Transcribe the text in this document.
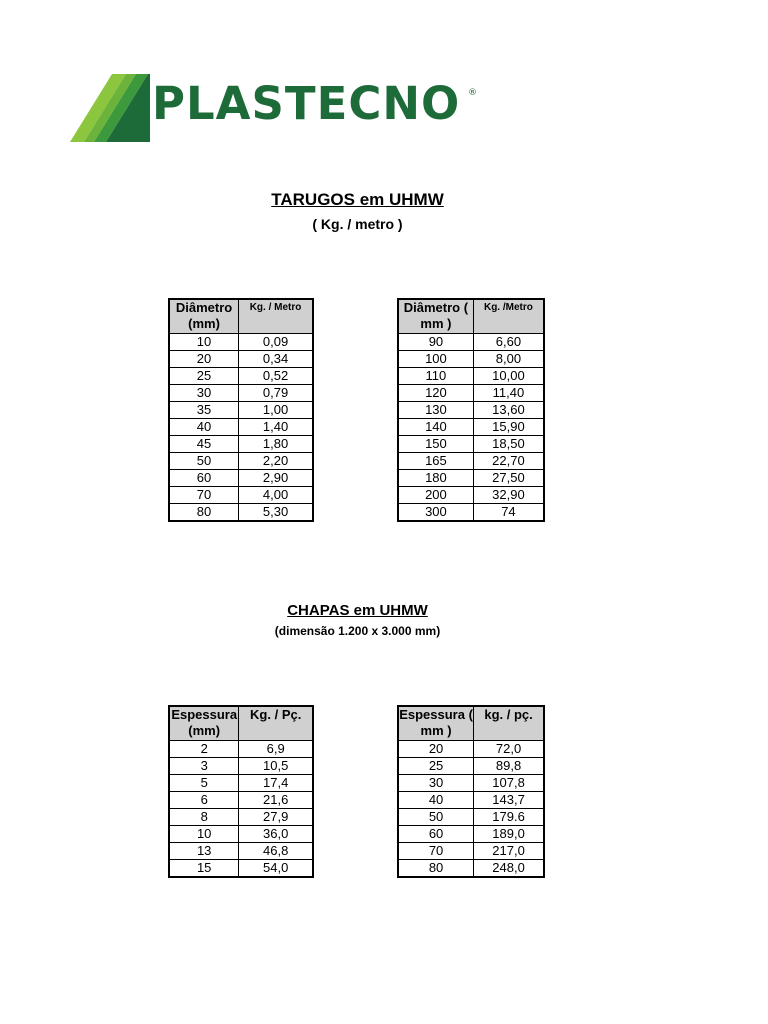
PLASTECNO ®
TARUGOS em UHMW
( Kg. / metro )
Diâmetro (mm)	Kg. / Metro
10	0,09
20	0,34
25	0,52
30	0,79
35	1,00
40	1,40
45	1,80
50	2,20
60	2,90
70	4,00
80	5,30
Diâmetro ( mm )	Kg. /Metro
90	6,60
100	8,00
110	10,00
120	11,40
130	13,60
140	15,90
150	18,50
165	22,70
180	27,50
200	32,90
300	74
CHAPAS em UHMW
(dimensão 1.200 x 3.000 mm)
Espessura (mm)	Kg. / Pç.
2	6,9
3	10,5
5	17,4
6	21,6
8	27,9
10	36,0
13	46,8
15	54,0
Espessura ( mm )	kg. / pç.
20	72,0
25	89,8
30	107,8
40	143,7
50	179.6
60	189,0
70	217,0
80	248,0
